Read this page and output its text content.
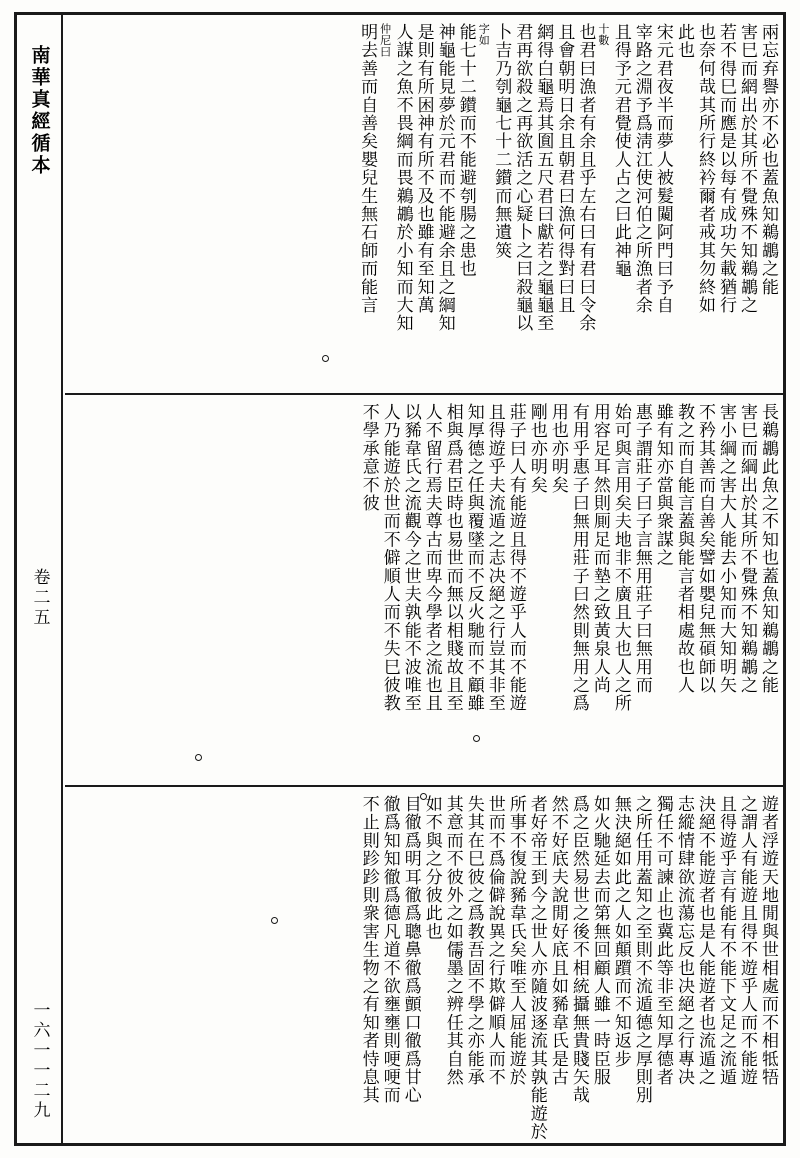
南華真經循本
卷二五
一六一一二九
兩忘弃譽亦不必也蓋魚知鵜鶘之能
害巳而網出於其所不覺殊不知鵜鶘之
若不得巳而應是以每有成功矢載猶行
也奈何哉其所行終衿爾者戒其勿終如
此也
宋元君夜半而夢人被髮闚阿門曰予自
宰路之淵予爲淸江使河伯之所漁者余
且得予元君覺使人占之曰此神龜
十數
也君曰漁者有余且乎左右曰有君曰令余
且會朝明日余且朝君曰漁何得對曰且
網得白龜焉其圎五尺君曰獻若之龜龜至
君再欲殺之再欲活之心疑卜之曰殺龜以
卜吉乃刳龜七十二鑚而無遺筴
字如
能七十二鑚而不能避刳腸之患也
神龜能見夢於元君而不能避余且之綱知
是則有所困神有所不及也雖有至知萬
人謀之魚不畏綱而畏鵜鶘於小知而大知
仲尼曰
明去善而自善矣嬰兒生無石師而能言
長鵜鶘此魚之不知也蓋魚知鵜鶘之能
害巳而綱出於其所不覺殊不知鵜鶘之
害小綱之害大人能去小知而大知明矢
不矜其善而自善矣譬如嬰兒無碩師以
教之而自能言蓋與能言者相處故也人
雖有知亦當與衆謀之
惠子謂莊子曰子言無用莊子曰無用而
始可與言用矣夫地非不廣且大也人之所
用容足耳然則厠足而墊之致黃泉人尚
有用乎惠子曰無用莊子曰然則無用之爲
用也亦明矣
剛也亦明矣
莊子曰人有能遊且得不遊乎人而不能遊
且得遊乎夫流遁之志决絕之行豈其非至
知厚德之任與覆墜而不反火馳而不顧雖
相與爲君臣時也易世而無以相賤故且至
人不留行焉夫尊古而卑今學者之流也且
以豨韋氏之流觀今之世夫孰能不波唯至
人乃能遊於世而不僻順人而不失巳彼教
不學承意不彼
遊者浮遊天地閒與世相處而不相牴牾
之謂人有能遊且得不遊乎人而不能遊
且得遊乎言有能有不能下文足之流遁
決絕不能遊者也是人能遊者也流遁之
志縱情肆欲流蕩忘反也决絕之行專决
獨任不可諫止也冀此等非至知厚德者
之所任用蓋知之至則不流遁德之厚則別
無決絕如此之人如顛躓而不知返步
如火馳延去而第無回顧人雖一時臣服
爲之臣然易世之後不相統攝無貴賤矢哉
然不好底夫說閒好底且如豨韋氏是古
者好帝王到今之世人亦隨波逐流其孰能遊於
所事不復說豨韋氏矣唯至人屈能遊於
世而不爲倫僻說異之行欺僻順人而不
失其在巳彼之爲教吾固不學之亦能承
其意而不彼外之如儒墨之辨任其自然
如不與之分彼此也
目徹爲明耳徹爲聰鼻徹爲顫口徹爲甘心
徹爲知知徹爲德凡道不欲壅壅則哽哽而
不止則跈跈則衆害生物之有知者恃息其
